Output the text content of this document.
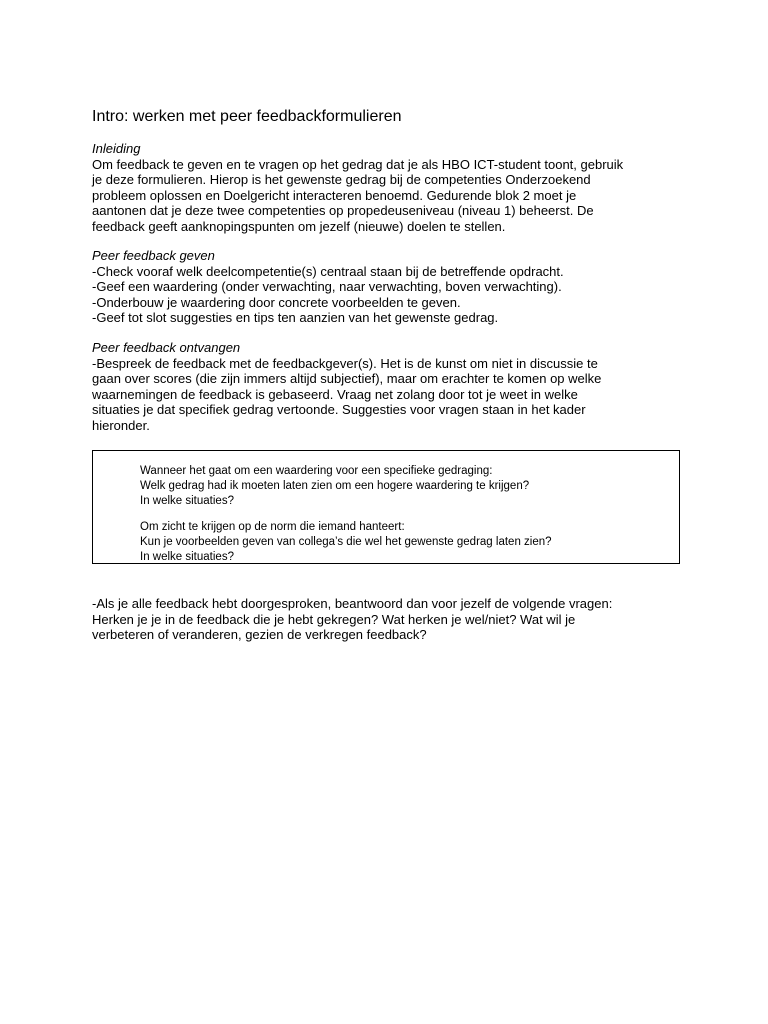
Intro: werken met peer feedbackformulieren
Inleiding
Om feedback te geven en te vragen op het gedrag dat je als HBO ICT-student toont, gebruik
je deze formulieren. Hierop is het gewenste gedrag bij de competenties Onderzoekend
probleem oplossen en Doelgericht interacteren benoemd. Gedurende blok 2 moet je
aantonen dat je deze twee competenties op propedeuseniveau (niveau 1) beheerst. De
feedback geeft aanknopingspunten om jezelf (nieuwe) doelen te stellen.
Peer feedback geven
-Check vooraf welk deelcompetentie(s) centraal staan bij de betreffende opdracht.
-Geef een waardering (onder verwachting, naar verwachting, boven verwachting).
-Onderbouw je waardering door concrete voorbeelden te geven.
-Geef tot slot suggesties en tips ten aanzien van het gewenste gedrag.
Peer feedback ontvangen
-Bespreek de feedback met de feedbackgever(s). Het is de kunst om niet in discussie te
gaan over scores (die zijn immers altijd subjectief), maar om erachter te komen op welke
waarnemingen de feedback is gebaseerd. Vraag net zolang door tot je weet in welke
situaties je dat specifiek gedrag vertoonde. Suggesties voor vragen staan in het kader
hieronder.
Wanneer het gaat om een waardering voor een specifieke gedraging:
Welk gedrag had ik moeten laten zien om een hogere waardering te krijgen?
In welke situaties?
Om zicht te krijgen op de norm die iemand hanteert:
Kun je voorbeelden geven van collega’s die wel het gewenste gedrag laten zien?
In welke situaties?
-Als je alle feedback hebt doorgesproken, beantwoord dan voor jezelf de volgende vragen:
Herken je je in de feedback die je hebt gekregen? Wat herken je wel/niet? Wat wil je
verbeteren of veranderen, gezien de verkregen feedback?
